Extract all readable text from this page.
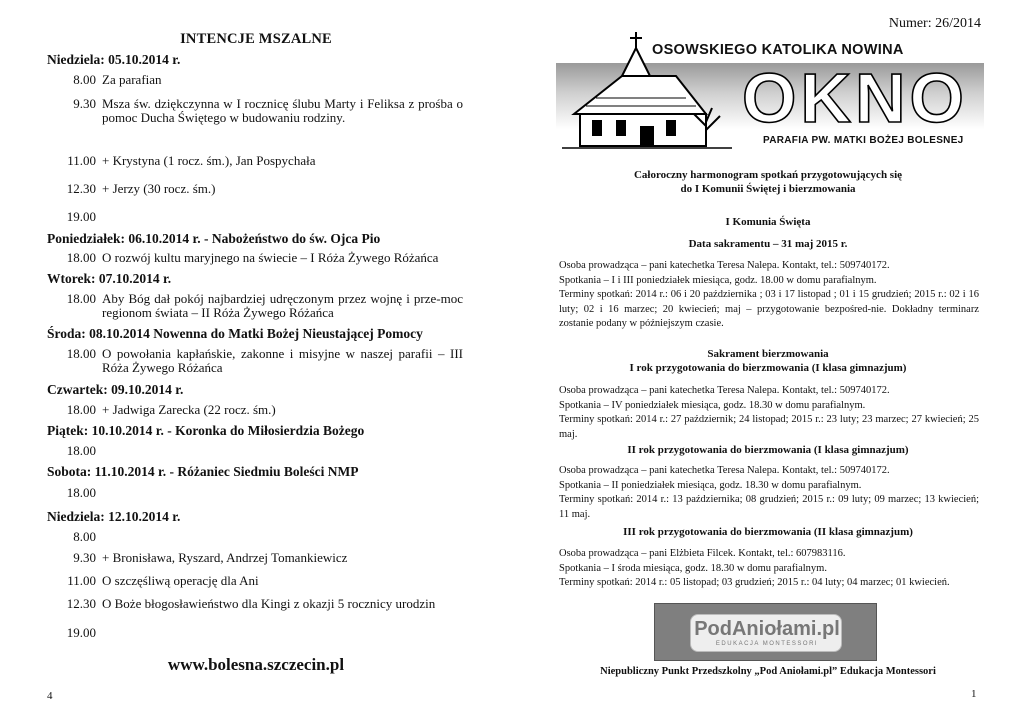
INTENCJE MSZALNE
Niedziela: 05.10.2014 r.
8.00 Za parafian
9.30 Msza św. dziękczynna w I rocznicę ślubu Marty i Feliksa z prośba o pomoc Ducha Świętego w budowaniu rodziny.
11.00 + Krystyna (1 rocz. śm.), Jan Pospychała
12.30 + Jerzy (30 rocz. śm.)
19.00
Poniedziałek: 06.10.2014 r. - Nabożeństwo do św. Ojca Pio
18.00 O rozwój kultu maryjnego na świecie – I Róża Żywego Różańca
Wtorek: 07.10.2014 r.
18.00 Aby Bóg dał pokój najbardziej udręczonym przez wojnę i prze-moc regionom świata – II Róża Żywego Różańca
Środa: 08.10.2014 Nowenna do Matki Bożej Nieustającej Pomocy
18.00 O powołania kapłańskie, zakonne i misyjne w naszej parafii – III Róża Żywego Różańca
Czwartek: 09.10.2014 r.
18.00 + Jadwiga Zarecka (22 rocz. śm.)
Piątek: 10.10.2014 r. - Koronka do Miłosierdzia Bożego
18.00
Sobota: 11.10.2014 r. - Różaniec Siedmiu Boleści NMP
18.00
Niedziela: 12.10.2014 r.
8.00
9.30 + Bronisława, Ryszard, Andrzej Tomankiewicz
11.00 O szczęśliwą operację dla Ani
12.30 O Boże błogosławieństwo dla Kingi z okazji 5 rocznicy urodzin
19.00
www.bolesna.szczecin.pl
4
Numer: 26/2014
OSOWSKIEGO KATOLIKA NOWINA
OKNO
PARAFIA PW. MATKI BOŻEJ BOLESNEJ
Całoroczny harmonogram spotkań przygotowujących się
do I Komunii Świętej i bierzmowania
I Komunia Święta
Data sakramentu – 31 maj 2015 r.
Osoba prowadząca – pani katechetka Teresa Nalepa. Kontakt, tel.: 509740172.
Spotkania – I i III poniedziałek miesiąca, godz. 18.00 w domu parafialnym.
Terminy spotkań: 2014 r.: 06 i 20 października ; 03 i 17 listopad ; 01 i 15 grudzień; 2015 r.: 02 i 16 luty; 02 i 16 marzec; 20 kwiecień; maj – przygotowanie bezpośred-nie. Dokładny terminarz zostanie podany w późniejszym czasie.
Sakrament bierzmowania
I rok przygotowania do bierzmowania (I klasa gimnazjum)
Osoba prowadząca – pani katechetka Teresa Nalepa. Kontakt, tel.: 509740172.
Spotkania – IV poniedziałek miesiąca, godz. 18.30 w domu parafialnym.
Terminy spotkań: 2014 r.: 27 październik; 24 listopad; 2015 r.: 23 luty; 23 marzec; 27 kwiecień; 25 maj.
II rok przygotowania do bierzmowania (I klasa gimnazjum)
Osoba prowadząca – pani katechetka Teresa Nalepa. Kontakt, tel.: 509740172.
Spotkania – II poniedziałek miesiąca, godz. 18.30 w domu parafialnym.
Terminy spotkań: 2014 r.: 13 października; 08 grudzień; 2015 r.: 09 luty; 09 marzec; 13 kwiecień; 11 maj.
III rok przygotowania do bierzmowania (II klasa gimnazjum)
Osoba prowadząca – pani Elżbieta Filcek. Kontakt, tel.: 607983116.
Spotkania – I środa miesiąca, godz. 18.30 w domu parafialnym.
Terminy spotkań: 2014 r.: 05 listopad; 03 grudzień; 2015 r.: 04 luty; 04 marzec; 01 kwiecień.
PodAniołami.pl
EDUKACJA MONTESSORI
Niepubliczny Punkt Przedszkolny „Pod Aniołami.pl” Edukacja Montessori
1
